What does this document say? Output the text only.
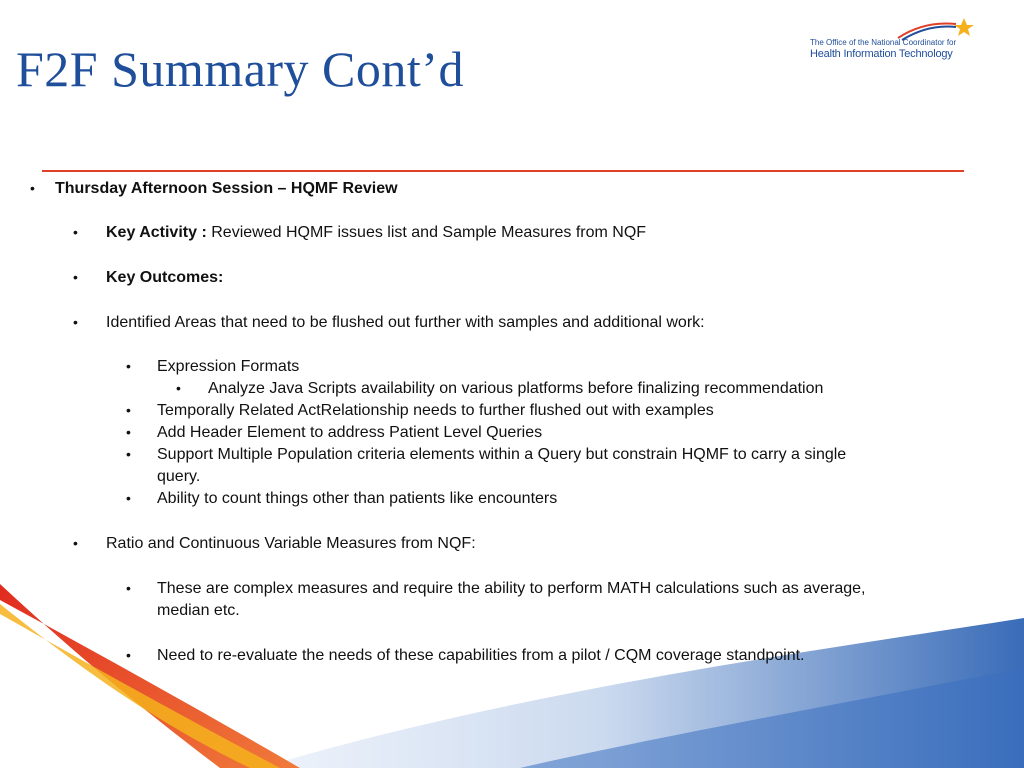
F2F Summary Cont’d	The Office of the National Coordinator for
Health Information Technology
• Thursday Afternoon Session – HQMF Review
• Key Activity : Reviewed HQMF issues list and Sample Measures from NQF
• Key Outcomes:
• Identified Areas that need to be flushed out further with samples and additional work:
• Expression Formats
• Analyze Java Scripts availability on various platforms before finalizing recommendation
• Temporally Related ActRelationship needs to further flushed out with examples
• Add Header Element to address Patient Level Queries
• Support Multiple Population criteria elements within a Query but constrain HQMF to carry a single
query.
• Ability to count things other than patients like encounters
• Ratio and Continuous Variable Measures from NQF:
• These are complex measures and require the ability to perform MATH calculations such as average,
median etc.
• Need to re-evaluate the needs of these capabilities from a pilot / CQM coverage standpoint.
